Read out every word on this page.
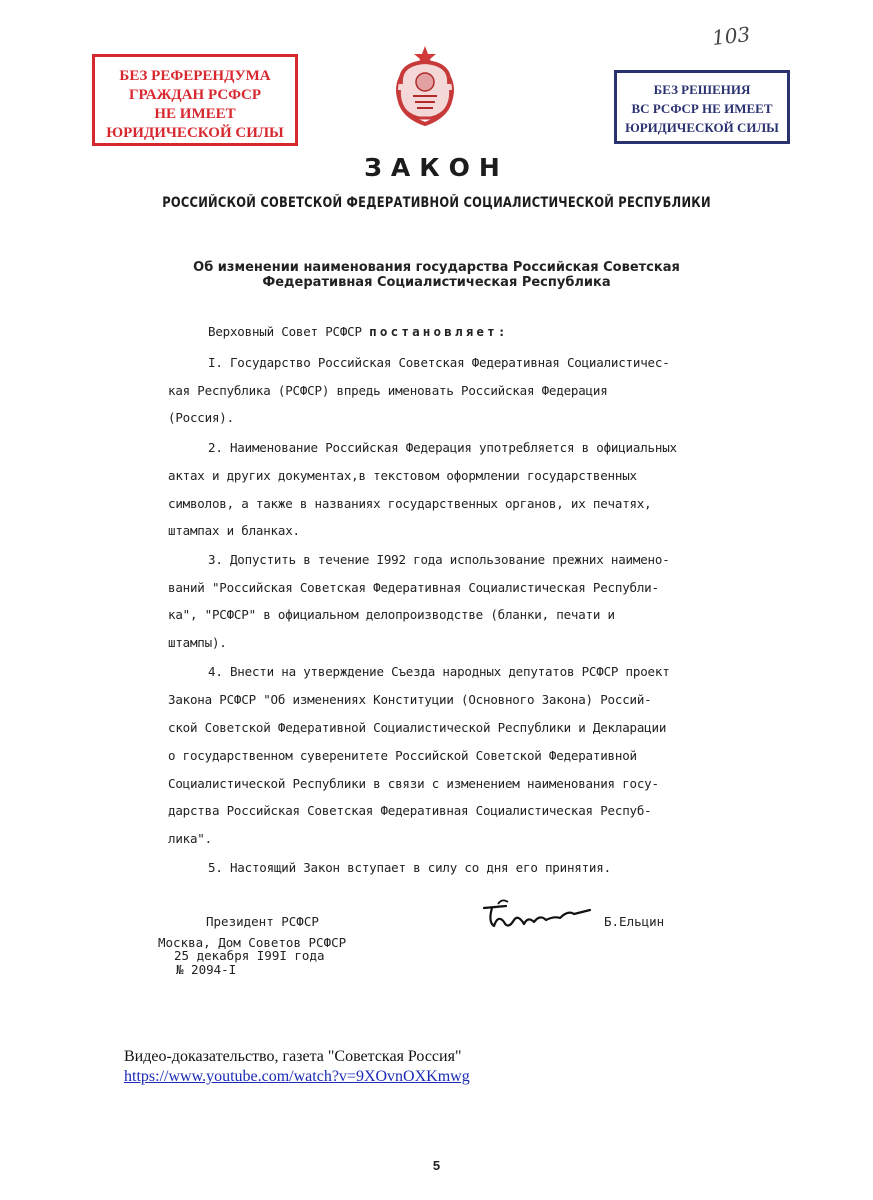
103
БЕЗ РЕФЕРЕНДУМА
ГРАЖДАН РСФСР
НЕ ИМЕЕТ
ЮРИДИЧЕСКОЙ СИЛЫ
БЕЗ РЕШЕНИЯ
ВС РСФСР НЕ ИМЕЕТ
ЮРИДИЧЕСКОЙ СИЛЫ
ЗАКОН
РОССИЙСКОЙ СОВЕТСКОЙ ФЕДЕРАТИВНОЙ СОЦИАЛИСТИЧЕСКОЙ РЕСПУБЛИКИ
Об изменении наименования государства Российская Советская
Федеративная Социалистическая Республика
Верховный Совет РСФСР постановляет:
I. Государство Российская Советская Федеративная Социалистичес-
кая Республика (РСФСР) впредь именовать Российская Федерация
(Россия).
2. Наименование Российская Федерация употребляется в официальных
актах и других документах,в текстовом оформлении государственных
символов, а также в названиях государственных органов, их печатях,
штампах и бланках.
3. Допустить в течение I992 года использование прежних наимено-
ваний "Российская Советская Федеративная Социалистическая Республи-
ка", "РСФСР" в официальном делопроизводстве (бланки, печати и
штампы).
4. Внести на утверждение Съезда народных депутатов РСФСР проект
Закона РСФСР "Об изменениях Конституции (Основного Закона) Россий-
ской Советской Федеративной Социалистической Республики и Декларации
о государственном суверенитете Российской Советской Федеративной
Социалистической Республики в связи с изменением наименования госу-
дарства Российская Советская Федеративная Социалистическая Респуб-
лика".
5. Настоящий Закон вступает в силу со дня его принятия.
Президент РСФСР	Б.Ельцин
Москва, Дом Советов РСФСР
25 декабря I99I года
№ 2094-I
Видео-доказательство, газета "Советская Россия"
https://www.youtube.com/watch?v=9XOvnOXKmwg
5
